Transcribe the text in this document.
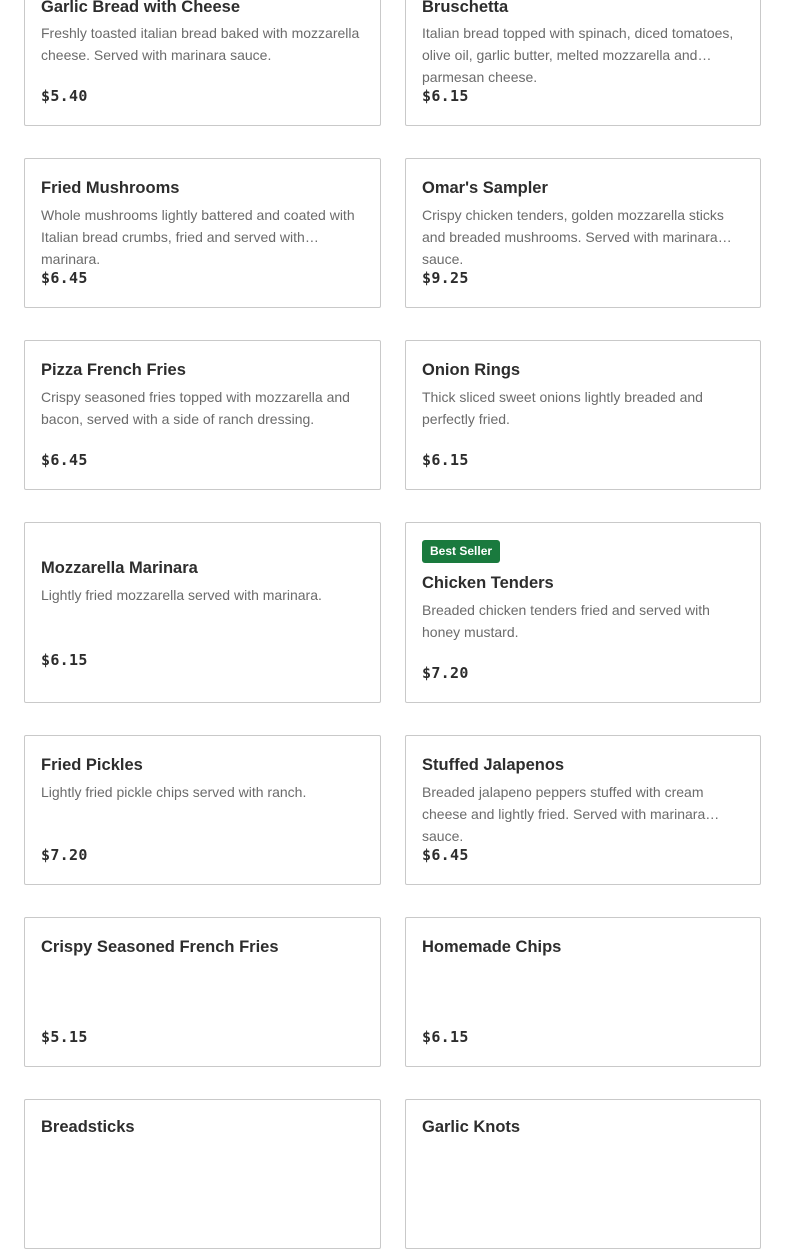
Garlic Bread with Cheese
Freshly toasted italian bread baked with mozzarella cheese. Served with marinara sauce.
$5.40
Bruschetta
Italian bread topped with spinach, diced tomatoes, olive oil, garlic butter, melted mozzarella and parmesan cheese.
$6.15
Fried Mushrooms
Whole mushrooms lightly battered and coated with Italian bread crumbs, fried and served with marinara.
$6.45
Omar's Sampler
Crispy chicken tenders, golden mozzarella sticks and breaded mushrooms. Served with marinara sauce.
$9.25
Pizza French Fries
Crispy seasoned fries topped with mozzarella and bacon, served with a side of ranch dressing.
$6.45
Onion Rings
Thick sliced sweet onions lightly breaded and perfectly fried.
$6.15
Mozzarella Marinara
Lightly fried mozzarella served with marinara.
$6.15
Best Seller
Chicken Tenders
Breaded chicken tenders fried and served with honey mustard.
$7.20
Fried Pickles
Lightly fried pickle chips served with ranch.
$7.20
Stuffed Jalapenos
Breaded jalapeno peppers stuffed with cream cheese and lightly fried. Served with marinara sauce.
$6.45
Crispy Seasoned French Fries
$5.15
Homemade Chips
$6.15
Breadsticks	Garlic Knots
